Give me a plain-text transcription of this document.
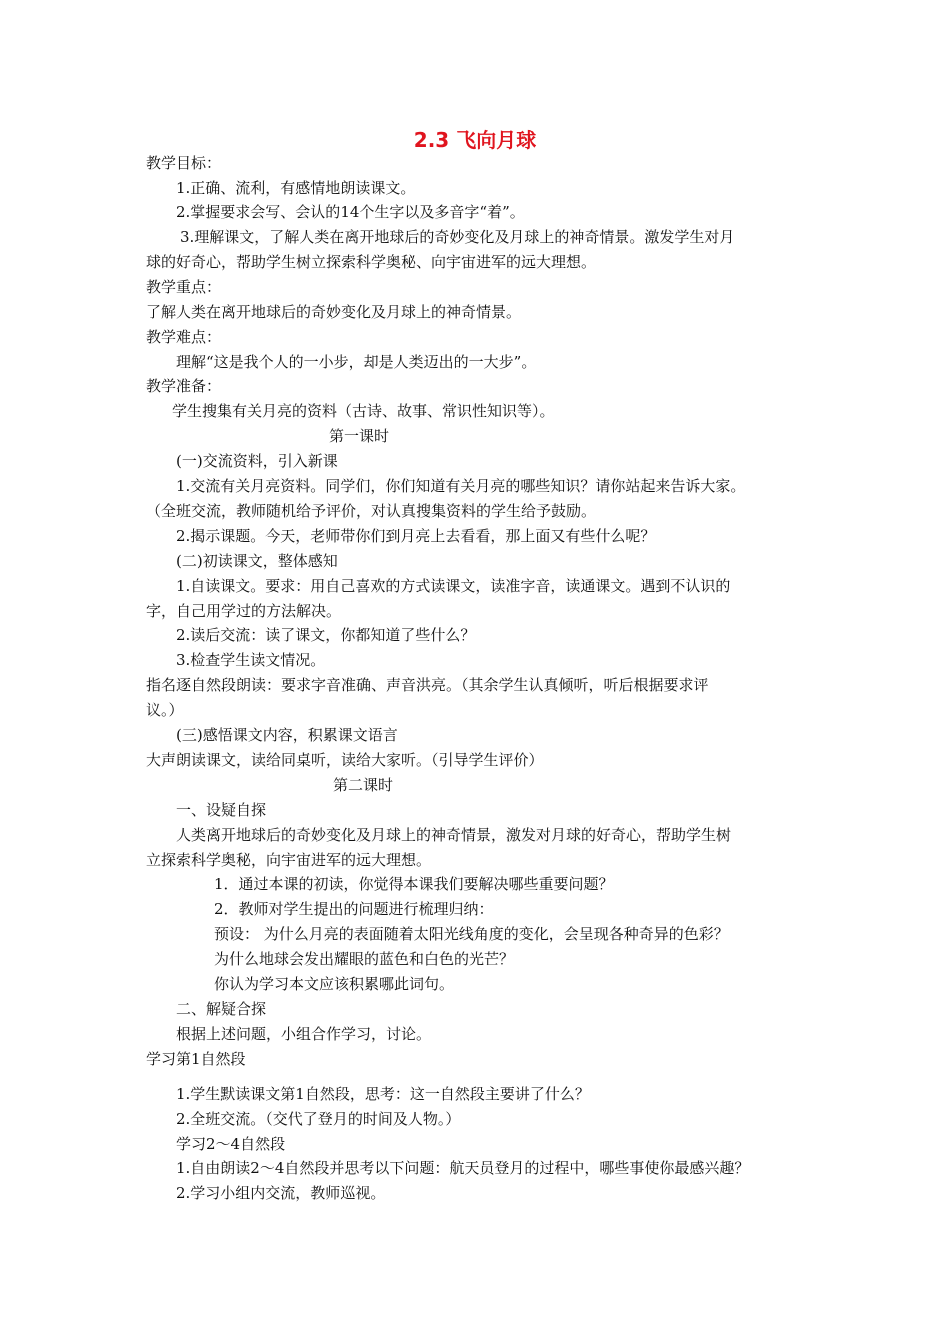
2.3 飞向月球
教学目标：
1.正确、流利，有感情地朗读课文。
2.掌握要求会写、会认的14个生字以及多音字“着”。
3.理解课文，了解人类在离开地球后的奇妙变化及月球上的神奇情景。激发学生对月
球的好奇心，帮助学生树立探索科学奥秘、向宇宙进军的远大理想。
教学重点：
了解人类在离开地球后的奇妙变化及月球上的神奇情景。
教学难点：
理解“这是我个人的一小步，却是人类迈出的一大步”。
教学准备：
学生搜集有关月亮的资料（古诗、故事、常识性知识等）。
第一课时
(一)交流资料，引入新课
1.交流有关月亮资料。同学们，你们知道有关月亮的哪些知识？请你站起来告诉大家。
（全班交流，教师随机给予评价，对认真搜集资料的学生给予鼓励。
2.揭示课题。今天，老师带你们到月亮上去看看，那上面又有些什么呢？
(二)初读课文，整体感知
1.自读课文。要求：用自己喜欢的方式读课文，读准字音，读通课文。遇到不认识的
字，自己用学过的方法解决。
2.读后交流：读了课文，你都知道了些什么？
3.检查学生读文情况。
指名逐自然段朗读：要求字音准确、声音洪亮。（其余学生认真倾听，听后根据要求评
议。）
(三)感悟课文内容，积累课文语言
大声朗读课文，读给同桌听，读给大家听。（引导学生评价）
第二课时
一、设疑自探
人类离开地球后的奇妙变化及月球上的神奇情景，激发对月球的好奇心，帮助学生树
立探索科学奥秘，向宇宙进军的远大理想。
1．通过本课的初读，你觉得本课我们要解决哪些重要问题？
2．教师对学生提出的问题进行梳理归纳：
预设： 为什么月亮的表面随着太阳光线角度的变化，会呈现各种奇异的色彩？
为什么地球会发出耀眼的蓝色和白色的光芒？
你认为学习本文应该积累哪此词句。
二、解疑合探
根据上述问题，小组合作学习，讨论。
学习第1自然段
1.学生默读课文第1自然段，思考：这一自然段主要讲了什么？
2.全班交流。（交代了登月的时间及人物。）
学习2～4自然段
1.自由朗读2～4自然段并思考以下问题：航天员登月的过程中，哪些事使你最感兴趣？
2.学习小组内交流，教师巡视。
